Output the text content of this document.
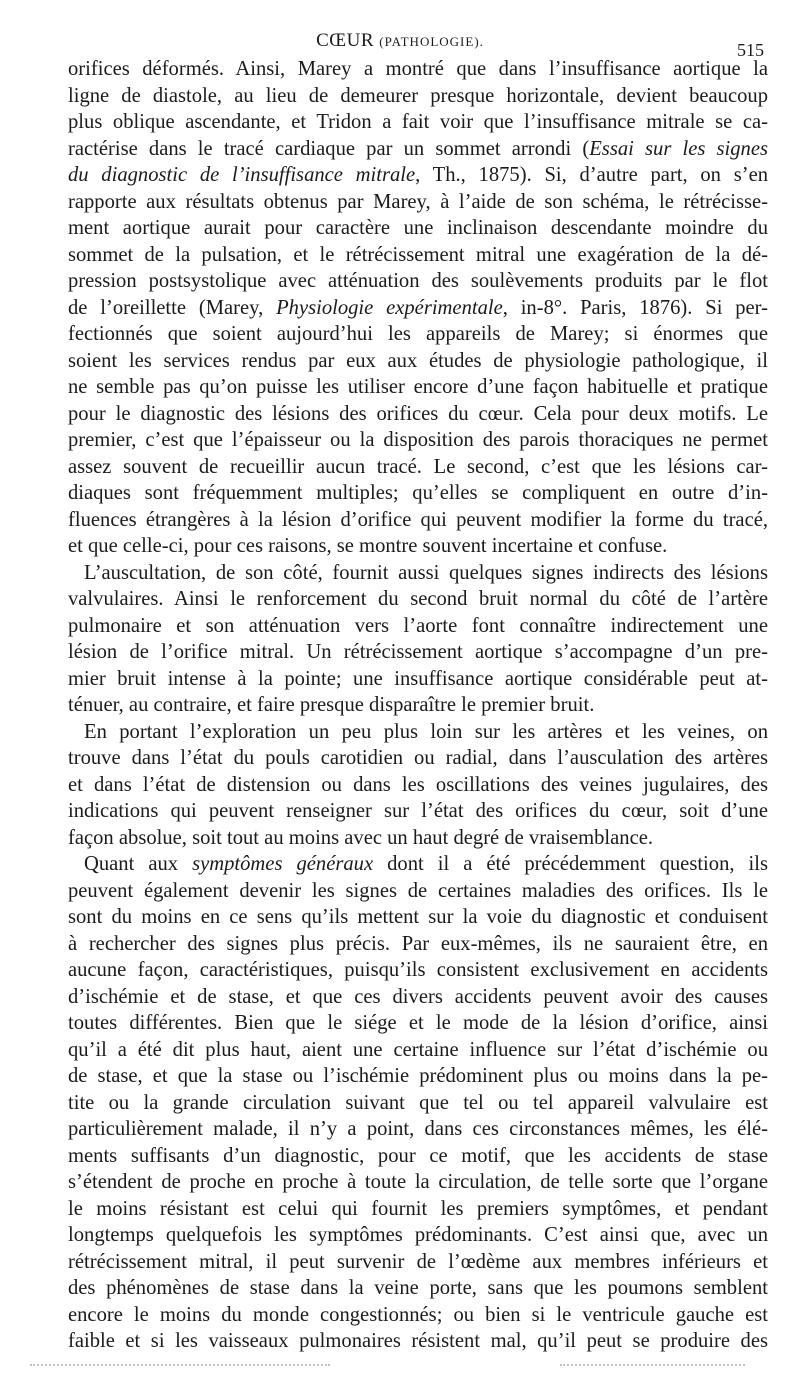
CŒUR (PATHOLOGIE).	515
orifices déformés. Ainsi, Marey a montré que dans l’insuffisance aortique la
ligne de diastole, au lieu de demeurer presque horizontale, devient beaucoup
plus oblique ascendante, et Tridon a fait voir que l’insuffisance mitrale se ca-
ractérise dans le tracé cardiaque par un sommet arrondi (Essai sur les signes
du diagnostic de l’insuffisance mitrale, Th., 1875). Si, d’autre part, on s’en
rapporte aux résultats obtenus par Marey, à l’aide de son schéma, le rétrécisse-
ment aortique aurait pour caractère une inclinaison descendante moindre du
sommet de la pulsation, et le rétrécissement mitral une exagération de la dé-
pression postsystolique avec atténuation des soulèvements produits par le flot
de l’oreillette (Marey, Physiologie expérimentale, in-8°. Paris, 1876). Si per-
fectionnés que soient aujourd’hui les appareils de Marey; si énormes que
soient les services rendus par eux aux études de physiologie pathologique, il
ne semble pas qu’on puisse les utiliser encore d’une façon habituelle et pratique
pour le diagnostic des lésions des orifices du cœur. Cela pour deux motifs. Le
premier, c’est que l’épaisseur ou la disposition des parois thoraciques ne permet
assez souvent de recueillir aucun tracé. Le second, c’est que les lésions car-
diaques sont fréquemment multiples; qu’elles se compliquent en outre d’in-
fluences étrangères à la lésion d’orifice qui peuvent modifier la forme du tracé,
et que celle-ci, pour ces raisons, se montre souvent incertaine et confuse.
L’auscultation, de son côté, fournit aussi quelques signes indirects des lésions
valvulaires. Ainsi le renforcement du second bruit normal du côté de l’artère
pulmonaire et son atténuation vers l’aorte font connaître indirectement une
lésion de l’orifice mitral. Un rétrécissement aortique s’accompagne d’un pre-
mier bruit intense à la pointe; une insuffisance aortique considérable peut at-
ténuer, au contraire, et faire presque disparaître le premier bruit.
En portant l’exploration un peu plus loin sur les artères et les veines, on
trouve dans l’état du pouls carotidien ou radial, dans l’ausculation des artères
et dans l’état de distension ou dans les oscillations des veines jugulaires, des
indications qui peuvent renseigner sur l’état des orifices du cœur, soit d’une
façon absolue, soit tout au moins avec un haut degré de vraisemblance.
Quant aux symptômes généraux dont il a été précédemment question, ils
peuvent également devenir les signes de certaines maladies des orifices. Ils le
sont du moins en ce sens qu’ils mettent sur la voie du diagnostic et conduisent
à rechercher des signes plus précis. Par eux-mêmes, ils ne sauraient être, en
aucune façon, caractéristiques, puisqu’ils consistent exclusivement en accidents
d’ischémie et de stase, et que ces divers accidents peuvent avoir des causes
toutes différentes. Bien que le siége et le mode de la lésion d’orifice, ainsi
qu’il a été dit plus haut, aient une certaine influence sur l’état d’ischémie ou
de stase, et que la stase ou l’ischémie prédominent plus ou moins dans la pe-
tite ou la grande circulation suivant que tel ou tel appareil valvulaire est
particulièrement malade, il n’y a point, dans ces circonstances mêmes, les élé-
ments suffisants d’un diagnostic, pour ce motif, que les accidents de stase
s’étendent de proche en proche à toute la circulation, de telle sorte que l’organe
le moins résistant est celui qui fournit les premiers symptômes, et pendant
longtemps quelquefois les symptômes prédominants. C’est ainsi que, avec un
rétrécissement mitral, il peut survenir de l’œdème aux membres inférieurs et
des phénomènes de stase dans la veine porte, sans que les poumons semblent
encore le moins du monde congestionnés; ou bien si le ventricule gauche est
faible et si les vaisseaux pulmonaires résistent mal, qu’il peut se produire des
